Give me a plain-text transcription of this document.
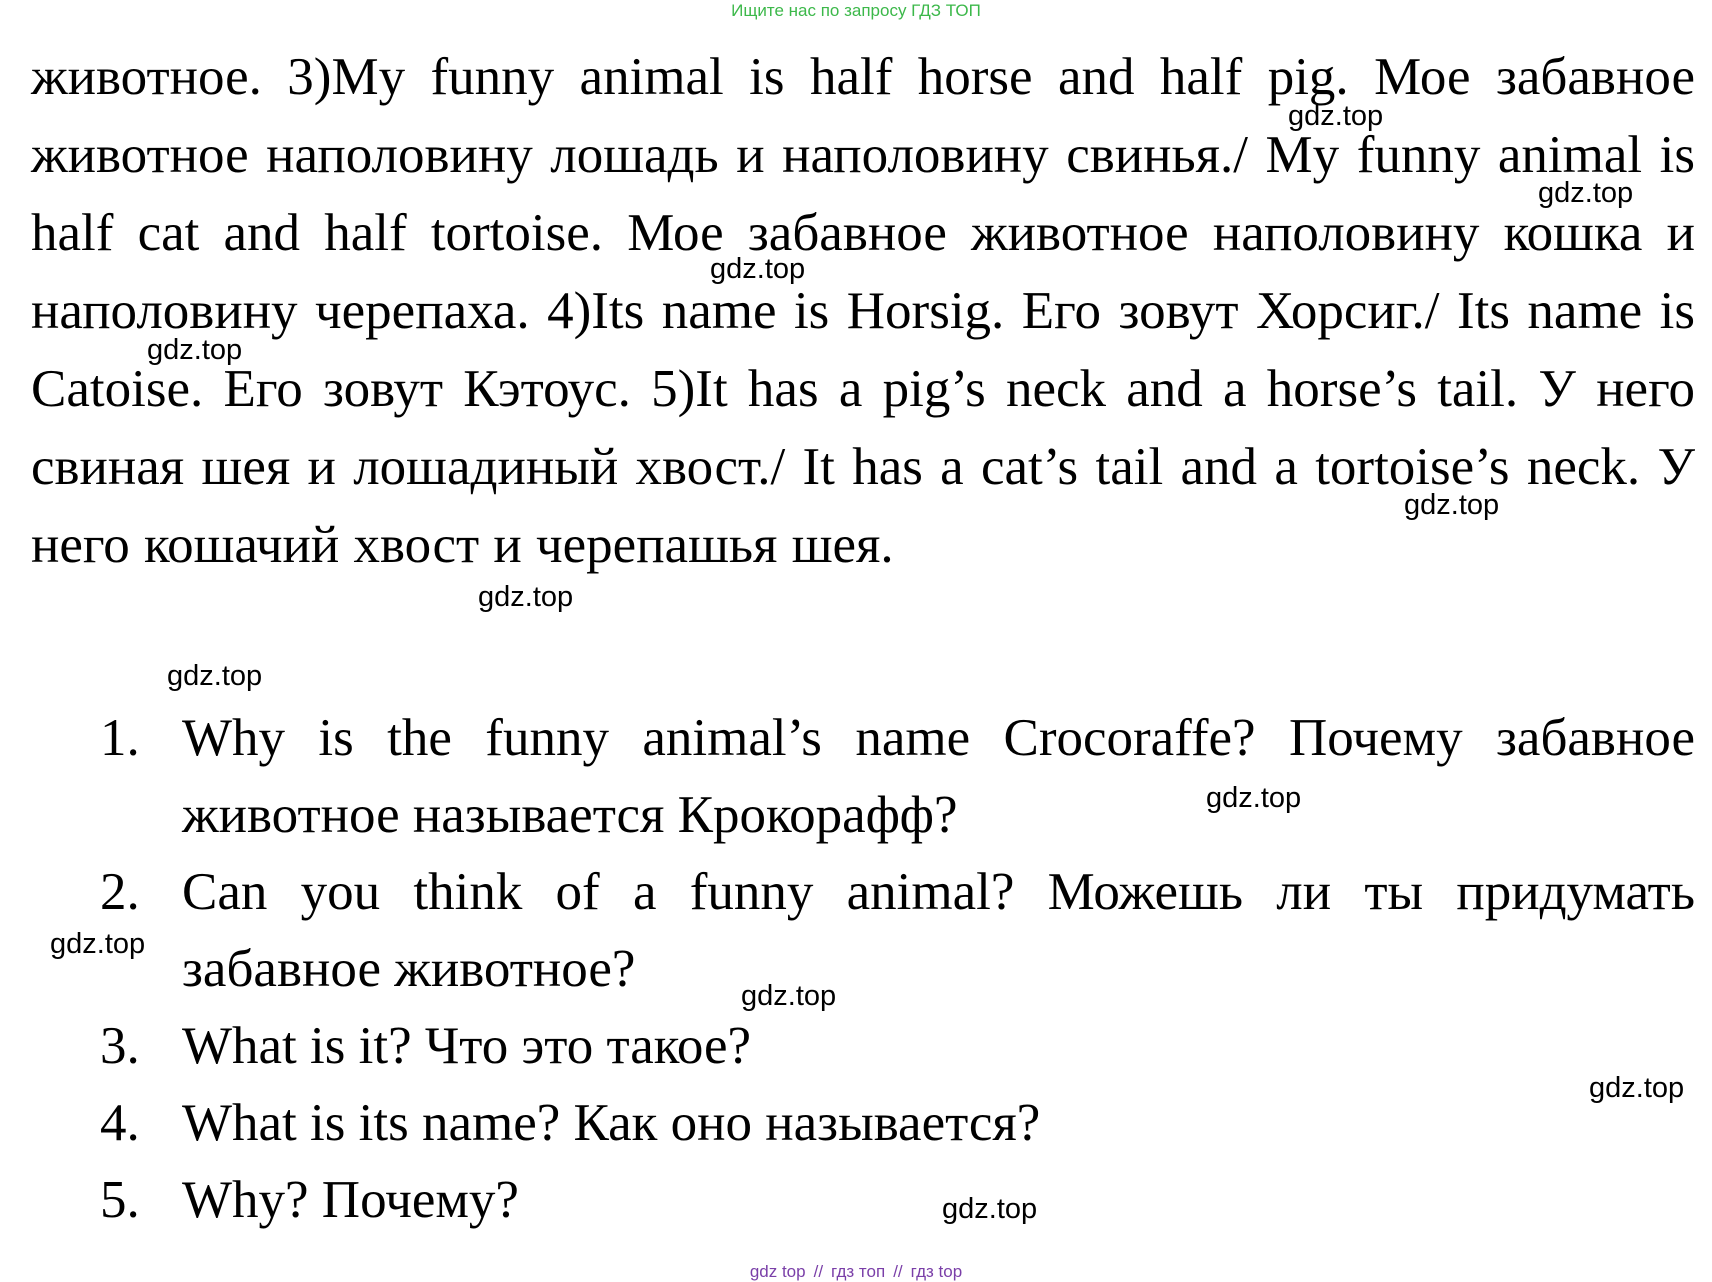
Ищите нас по запросу ГДЗ ТОП

животное. 3)My funny animal is half horse and half pig. Мое забавное животное наполовину лошадь и наполовину свинья./ My funny animal is half cat and half tortoise. Мое забавное животное наполовину кошка и наполовину черепаха. 4)Its name is Horsig. Его зовут Хорсиг./ Its name is Catoise. Его зовут Кэтоус. 5)It has a pig’s neck and a horse’s tail. У него свиная шея и лошадиный хвост./ It has a cat’s tail and a tortoise’s neck. У него кошачий хвост и черепашья шея.

1. Why is the funny animal’s name Crocoraffe? Почему забавное животное называется Крокорафф?
2. Can you think of a funny animal? Можешь ли ты придумать забавное животное?
3. What is it? Что это такое?
4. What is its name? Как оно называется?
5. Why? Почему?
gdz.top
gdz.top
gdz.top
gdz.top
gdz.top
gdz.top
gdz.top
gdz.top
gdz.top
gdz.top
gdz.top
gdz.top
gdz top // гдз топ // гдз top
